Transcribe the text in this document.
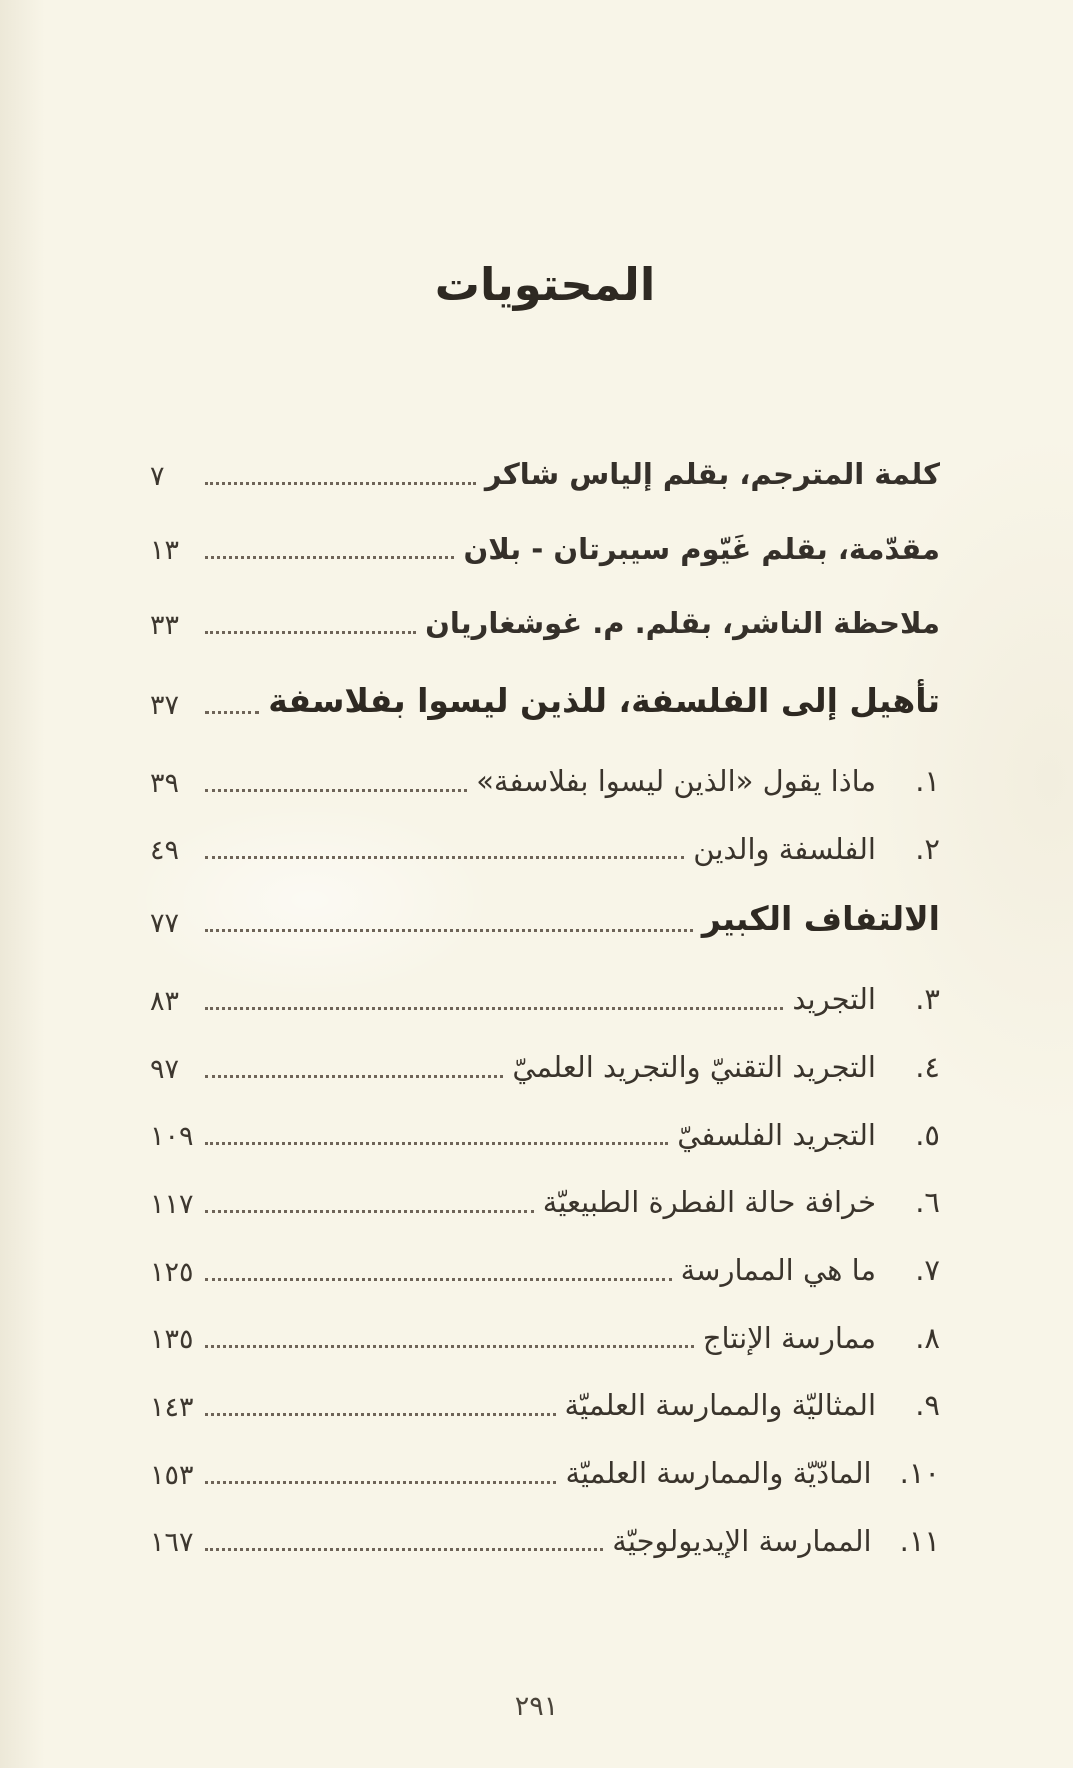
المحتويات
كلمة المترجم، بقلم إلياس شاكر
٧
مقدّمة، بقلم غَيّوم سيبرتان - بلان
١٣
ملاحظة الناشر، بقلم. م. غوشغاريان
٣٣
تأهيل إلى الفلسفة، للذين ليسوا بفلاسفة
٣٧
١.
ماذا يقول «الذين ليسوا بفلاسفة»
٣٩
٢.
الفلسفة والدين
٤٩
الالتفاف الكبير
٧٧
٣.
التجريد
٨٣
٤.
التجريد التقنيّ والتجريد العلميّ
٩٧
٥.
التجريد الفلسفيّ
١٠٩
٦.
خرافة حالة الفطرة الطبيعيّة
١١٧
٧.
ما هي الممارسة
١٢٥
٨.
ممارسة الإنتاج
١٣٥
٩.
المثاليّة والممارسة العلميّة
١٤٣
١٠.
المادّيّة والممارسة العلميّة
١٥٣
١١.
الممارسة الإيديولوجيّة
١٦٧
٢٩١
